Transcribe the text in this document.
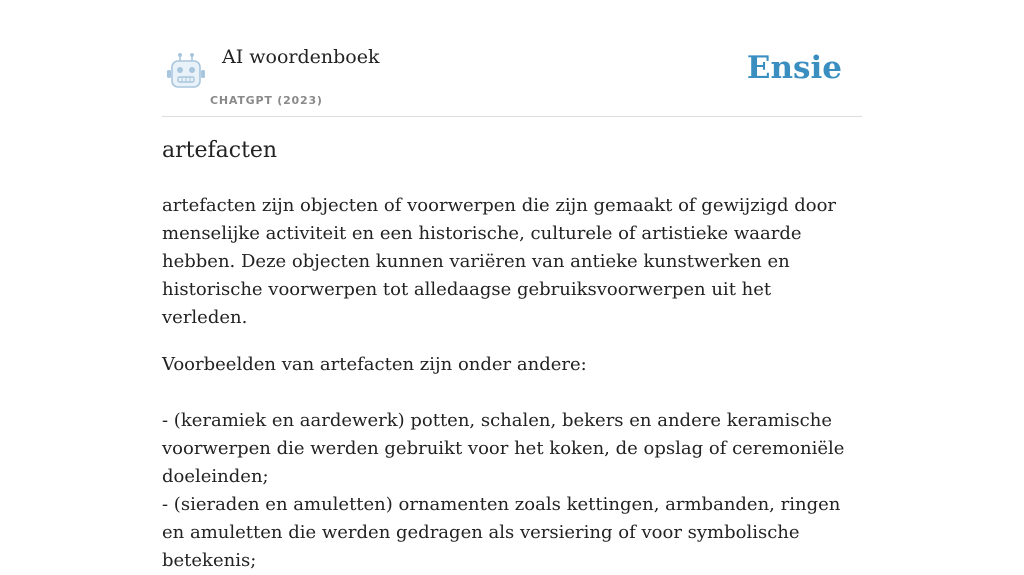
AI woordenboek
CHATGPT (2023)
Ensie
artefacten

artefacten zijn objecten of voorwerpen die zijn gemaakt of gewijzigd door menselijke activiteit en een historische, culturele of artistieke waarde hebben. Deze objecten kunnen variëren van antieke kunstwerken en historische voorwerpen tot alledaagse gebruiksvoorwerpen uit het verleden.

Voorbeelden van artefacten zijn onder andere:

- (keramiek en aardewerk) potten, schalen, bekers en andere keramische voorwerpen die werden gebruikt voor het koken, de opslag of ceremoniële doeleinden;

- (sieraden en amuletten) ornamenten zoals kettingen, armbanden, ringen en amuletten die werden gedragen als versiering of voor symbolische betekenis;
